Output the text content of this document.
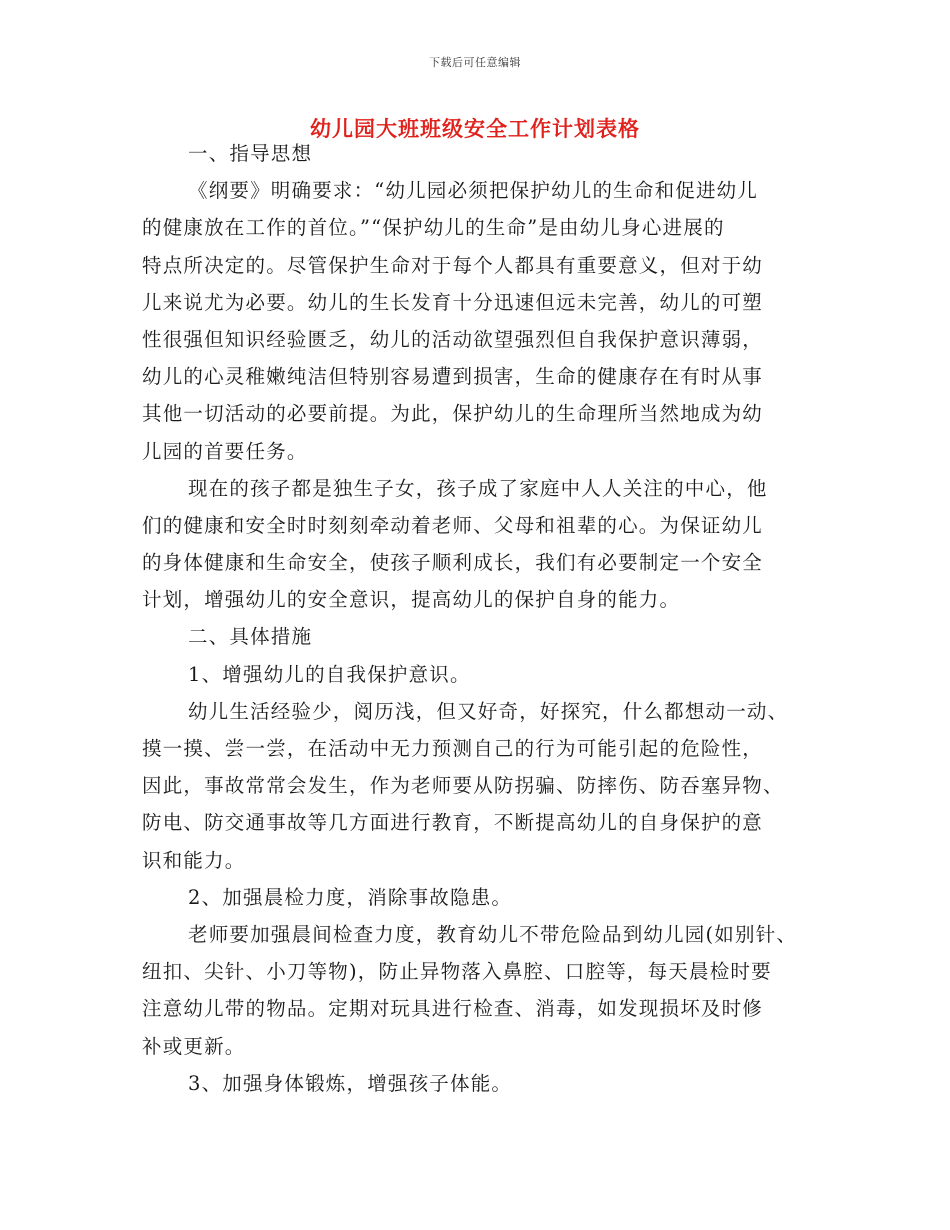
下载后可任意编辑
幼儿园大班班级安全工作计划表格
一、指导思想
《纲要》明确要求：“幼儿园必须把保护幼儿的生命和促进幼儿
的健康放在工作的首位。”“保护幼儿的生命”是由幼儿身心进展的
特点所决定的。尽管保护生命对于每个人都具有重要意义，但对于幼
儿来说尤为必要。幼儿的生长发育十分迅速但远未完善，幼儿的可塑
性很强但知识经验匮乏，幼儿的活动欲望强烈但自我保护意识薄弱，
幼儿的心灵稚嫩纯洁但特别容易遭到损害，生命的健康存在有时从事
其他一切活动的必要前提。为此，保护幼儿的生命理所当然地成为幼
儿园的首要任务。
现在的孩子都是独生子女，孩子成了家庭中人人关注的中心，他
们的健康和安全时时刻刻牵动着老师、父母和祖辈的心。为保证幼儿
的身体健康和生命安全，使孩子顺利成长，我们有必要制定一个安全
计划，增强幼儿的安全意识，提高幼儿的保护自身的能力。
二、具体措施
1、增强幼儿的自我保护意识。
幼儿生活经验少，阅历浅，但又好奇，好探究，什么都想动一动、
摸一摸、尝一尝，在活动中无力预测自己的行为可能引起的危险性，
因此，事故常常会发生，作为老师要从防拐骗、防摔伤、防吞塞异物、
防电、防交通事故等几方面进行教育，不断提高幼儿的自身保护的意
识和能力。
2、加强晨检力度，消除事故隐患。
老师要加强晨间检查力度，教育幼儿不带危险品到幼儿园(如别针、
纽扣、尖针、小刀等物)，防止异物落入鼻腔、口腔等，每天晨检时要
注意幼儿带的物品。定期对玩具进行检查、消毒，如发现损坏及时修
补或更新。
3、加强身体锻炼，增强孩子体能。
